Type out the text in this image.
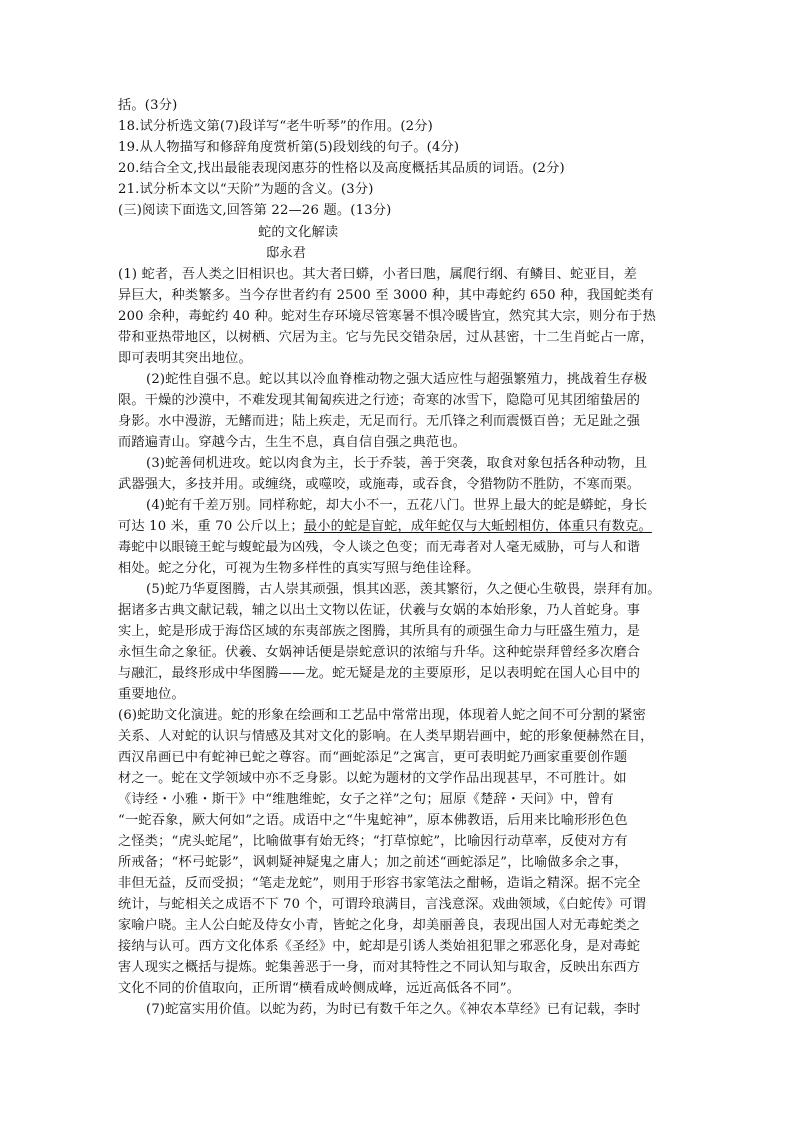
括。(3分)
18.试分析选文第(7)段详写“老牛听琴”的作用。(2分)
19.从人物描写和修辞角度赏析第(5)段划线的句子。(4分)
20.结合全文,找出最能表现闵惠芬的性格以及高度概括其品质的词语。(2分)
21.试分析本文以“天阶”为题的含义。(3分)
(三)阅读下面选文,回答第 22—26 题。(13分)
蛇的文化解读
邸永君
(1) 蛇者，吾人类之旧相识也。其大者曰蟒，小者曰虺，属爬行纲、有鳞目、蛇亚目，差
异巨大，种类繁多。当今存世者约有 2500 至 3000 种，其中毒蛇约 650 种，我国蛇类有
200 余种，毒蛇约 40 种。蛇对生存环境尽管寒暑不惧冷暖皆宜，然究其大宗，则分布于热
带和亚热带地区，以树栖、穴居为主。它与先民交错杂居，过从甚密，十二生肖蛇占一席，
即可表明其突出地位。
(2)蛇性自强不息。蛇以其以冷血脊椎动物之强大适应性与超强繁殖力，挑战着生存极
限。干燥的沙漠中，不难发现其匍匐疾进之行迹；奇寒的冰雪下，隐隐可见其团缩蛰居的
身影。水中漫游，无鳍而进；陆上疾走，无足而行。无爪锋之利而震慑百兽；无足趾之强
而踏遍青山。穿越今古，生生不息，真自信自强之典范也。
(3)蛇善伺机进攻。蛇以肉食为主，长于乔装，善于突袭，取食对象包括各种动物，且
武器强大，多技并用。或缠绕，或噬咬，或施毒，或吞食，令猎物防不胜防，不寒而栗。
(4)蛇有千差万别。同样称蛇，却大小不一，五花八门。世界上最大的蛇是蟒蛇，身长
可达 10 米，重 70 公斤以上；最小的蛇是盲蛇，成年蛇仅与大蚯蚓相仿，体重只有数克。
毒蛇中以眼镜王蛇与蝮蛇最为凶残，令人谈之色变；而无毒者对人毫无威胁，可与人和谐
相处。蛇之分化，可视为生物多样性的真实写照与绝佳诠释。
(5)蛇乃华夏图腾，古人崇其顽强，惧其凶恶，羡其繁衍，久之便心生敬畏，崇拜有加。
据诸多古典文献记载，辅之以出土文物以佐证，伏羲与女娲的本始形象，乃人首蛇身。事
实上，蛇是形成于海岱区域的东夷部族之图腾，其所具有的顽强生命力与旺盛生殖力，是
永恒生命之象征。伏羲、女娲神话便是崇蛇意识的浓缩与升华。这种蛇崇拜曾经多次磨合
与融汇，最终形成中华图腾——龙。蛇无疑是龙的主要原形，足以表明蛇在国人心目中的
重要地位。
(6)蛇助文化演进。蛇的形象在绘画和工艺品中常常出现，体现着人蛇之间不可分割的紧密
关系、人对蛇的认识与情感及其对文化的影响。在人类早期岩画中，蛇的形象便赫然在目，
西汉帛画已中有蛇神已蛇之尊容。而“画蛇添足”之寓言，更可表明蛇乃画家重要创作题
材之一。蛇在文学领域中亦不乏身影。以蛇为题材的文学作品出现甚早，不可胜计。如
《诗经・小雅・斯干》中“维虺维蛇，女子之祥”之句；屈原《楚辞・天问》中，曾有
“一蛇吞象，厥大何如”之语。成语中之“牛鬼蛇神”，原本佛教语，后用来比喻形形色色
之怪类；“虎头蛇尾”，比喻做事有始无终；“打草惊蛇”，比喻因行动草率，反使对方有
所戒备；“杯弓蛇影”，讽刺疑神疑鬼之庸人；加之前述“画蛇添足”，比喻做多余之事，
非但无益，反而受损；“笔走龙蛇”，则用于形容书家笔法之酣畅，造诣之精深。据不完全
统计，与蛇相关之成语不下 70 个，可谓玲琅满目，言浅意深。戏曲领域，《白蛇传》可谓
家喻户晓。主人公白蛇及侍女小青，皆蛇之化身，却美丽善良，表现出国人对无毒蛇类之
接纳与认可。西方文化体系《圣经》中，蛇却是引诱人类始祖犯罪之邪恶化身，是对毒蛇
害人现实之概括与提炼。蛇集善恶于一身，而对其特性之不同认知与取舍，反映出东西方
文化不同的价值取向，正所谓“横看成岭侧成峰，远近高低各不同”。
(7)蛇富实用价值。以蛇为药，为时已有数千年之久。《神农本草经》已有记载，李时
